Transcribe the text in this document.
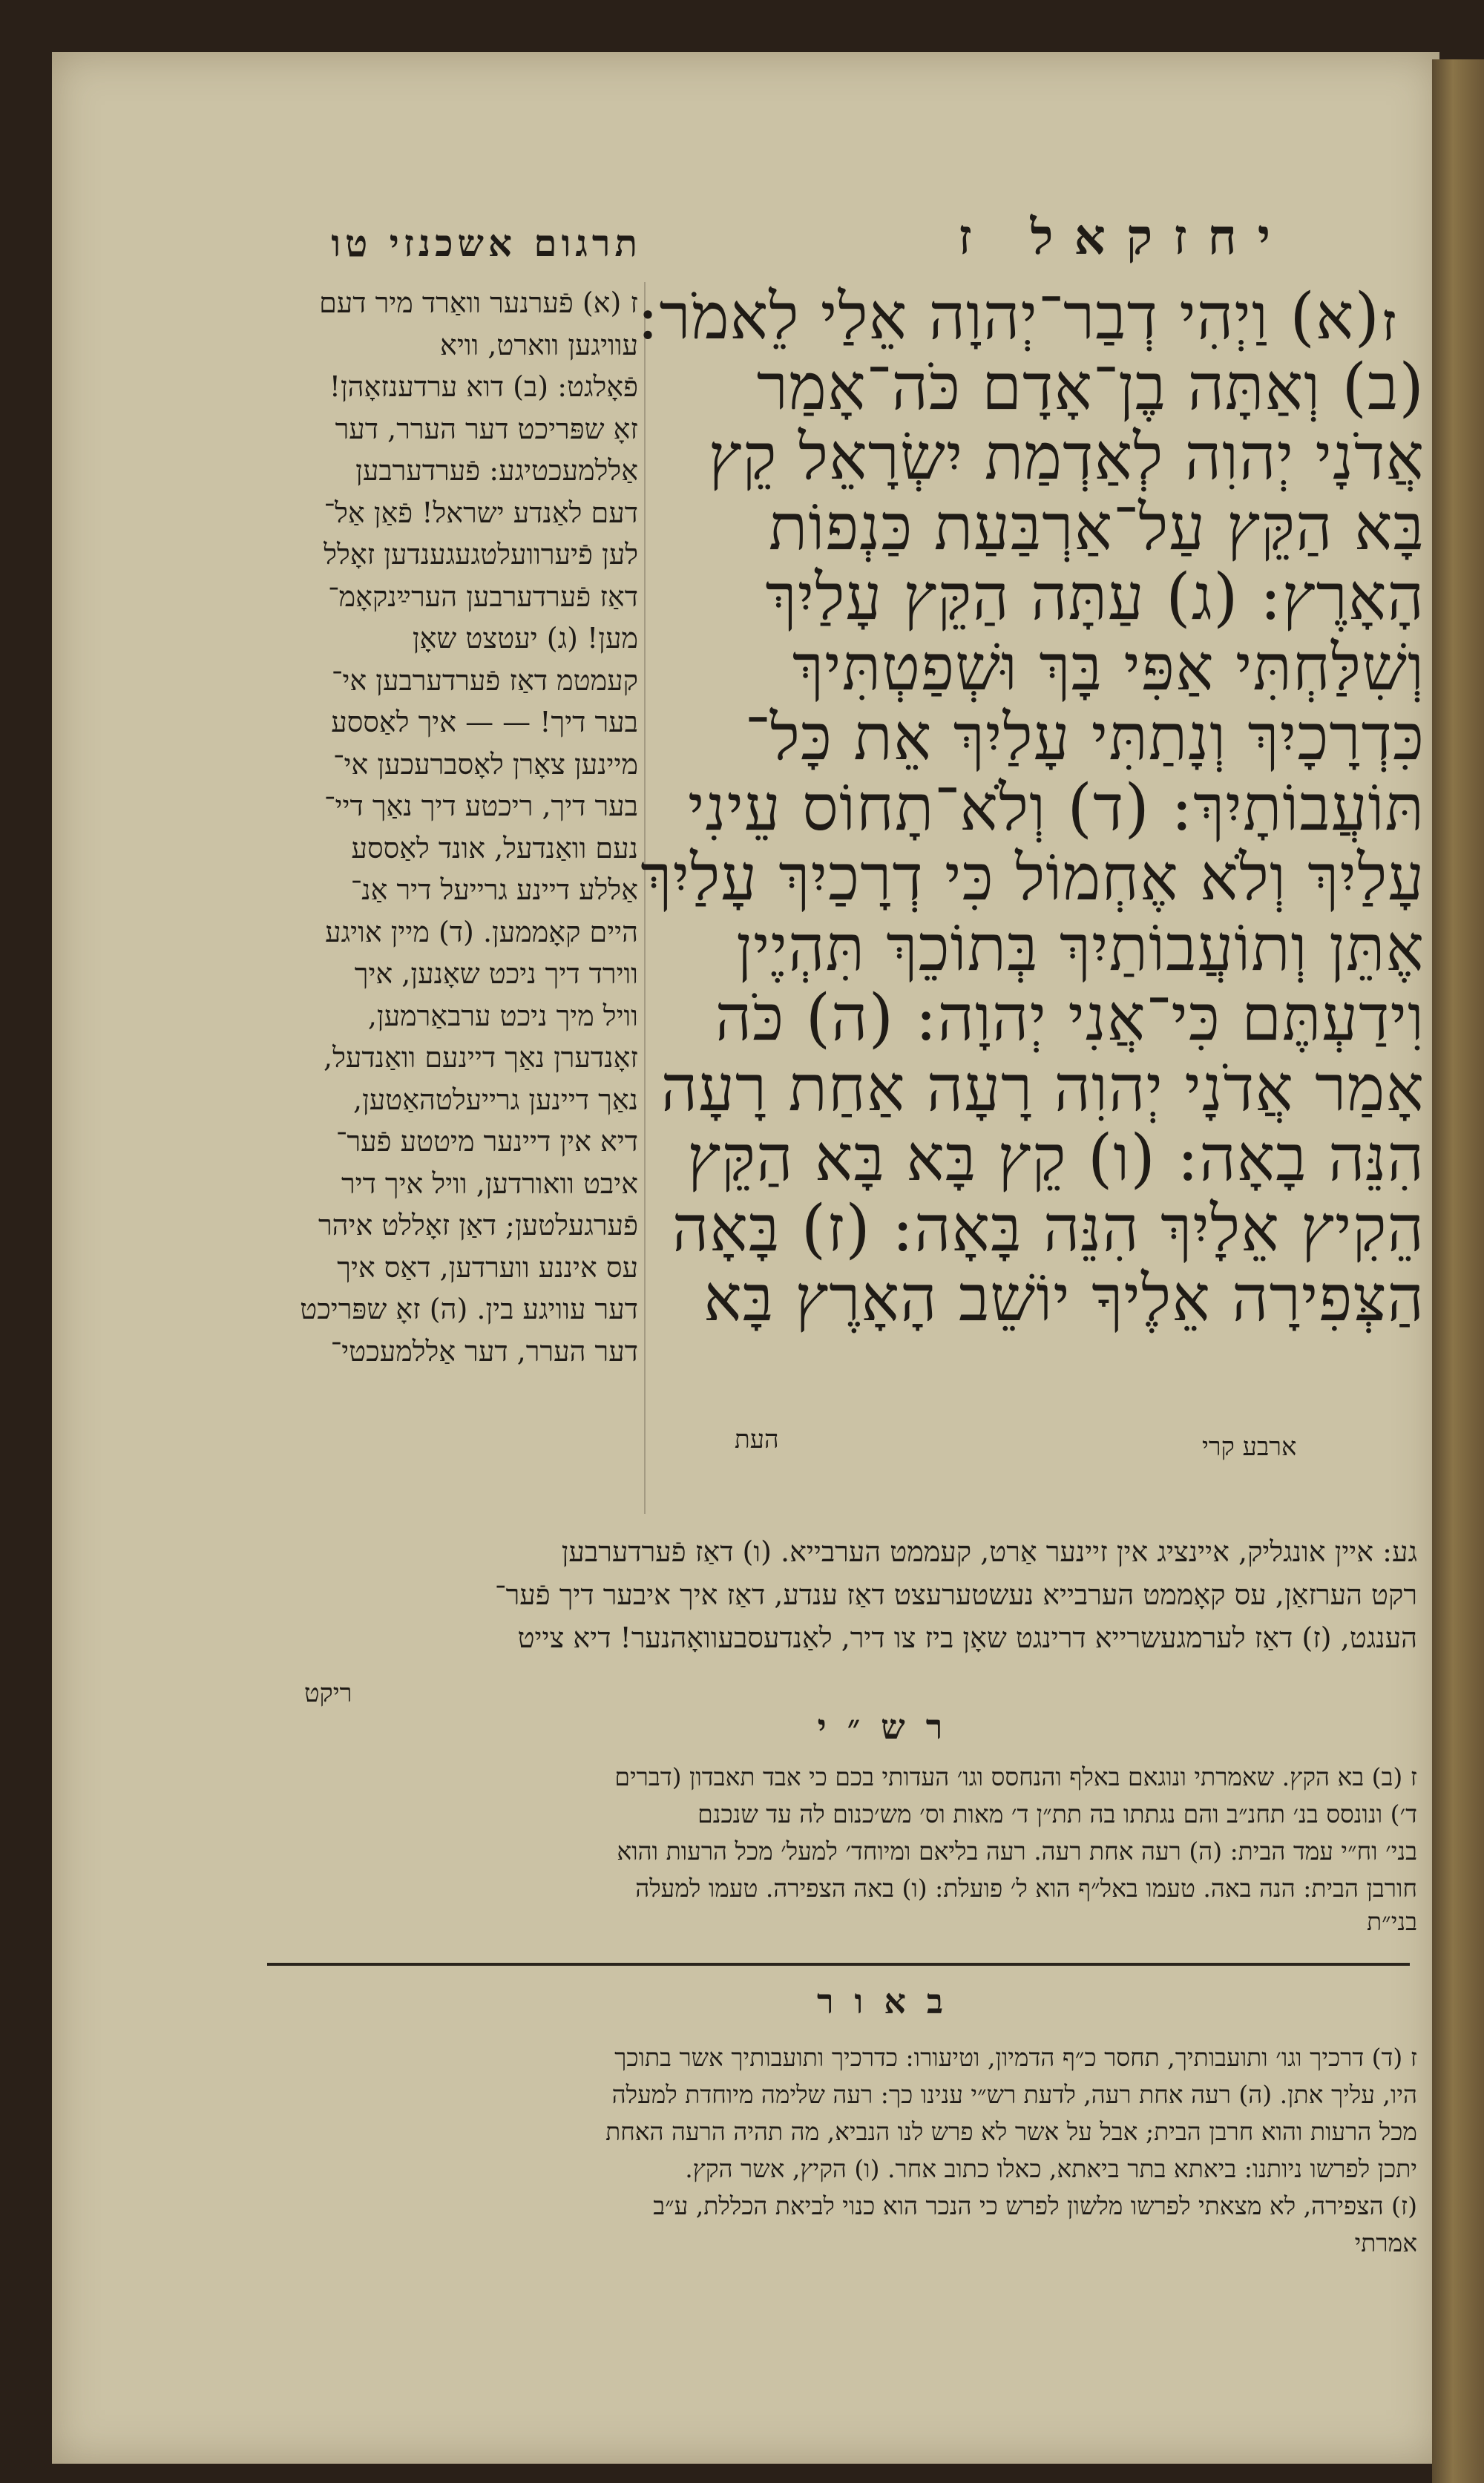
יחזקאל ז
תרגום אשכנזי טו
ז

(א) וַיְהִי דְבַר־יְהוָה אֵלַי לֵאמֹר:

(ב) וְאַתָּה בֶן־אָדָם כֹּה־אָמַר

אֲדֹנָי יְהוִה לְאַדְמַת יִשְׂרָאֵל קֵץ

בָּא הַקֵּץ עַל־אַרְבַּעַת כַּנְפוֹת

הָאָרֶץ: (ג) עַתָּה הַקֵּץ עָלַיִךְ

וְשִׁלַּחְתִּי אַפִּי בָּךְ וּשְׁפַטְתִּיךְ

כִּדְרָכָיִךְ וְנָתַתִּי עָלַיִךְ אֵת כָּל־

תּוֹעֲבוֹתָיִךְ: (ד) וְלֹא־תָחוֹס עֵינִי

עָלַיִךְ וְלֹא אֶחְמוֹל כִּי דְרָכַיִךְ עָלַיִךְ

אֶתֵּן וְתוֹעֲבוֹתַיִךְ בְּתוֹכֵךְ תִּהְיֶין

וִידַעְתֶּם כִּי־אֲנִי יְהוָה: (ה) כֹּה

אָמַר אֲדֹנָי יְהוִה רָעָה אַחַת רָעָה

הִנֵּה בָאָה: (ו) קֵץ בָּא בָּא הַקֵּץ

הֵקִיץ אֵלָיִךְ הִנֵּה בָּאָה: (ז) בָּאָה

הַצְּפִירָה אֵלֶיךָ יוֹשֵׁב הָאָרֶץ בָּא

העת	ארבע קרי

ז (א) פֿערנער וואַרד מיר דעם

עוויגען ווארט, וויא

פֿאָלגט: (ב) דוא ערדענזאָהן!

זאָ שפּריכט דער הערר, דער

אַללמעכטיגע: פֿערדערבען

דעם לאַנדע ישראל! פֿאַן אַל־

לען פֿיערוועלטגעגענדען זאָלל

דאַז פֿערדערבען הערײַנקאָמ־

מען! (ג) יעטצט שאָן

קעמטמ דאַז פֿערדערבען אי־

בער דיך! — — איך לאַססע

מיינען צאָרן לאָסברעכען אי־

בער דיך, ריכטע דיך נאַך דיי־

נעם וואַנדעל, אונד לאַססע

אַללע דיינע גרייעל דיר אַנ־

היים קאָממען. (ד) מיין אויגע

ווירד דיך ניכט שאָנען, איך

וויל מיך ניכט ערבאַרמען,

זאָנדערן נאַך דיינעם וואַנדעל,

נאַך דיינען גרייעלטהאַטען,

דיא אין דיינער מיטטע פֿער־

איבט וואורדען, וויל איך דיר

פֿערגעלטען; דאַן זאָללט איהר

עס איננע ווערדען, דאַס איך

דער עוויגע בין. (ה) זאָ שפּריכט

דער הערר, דער אַללמעכטי־

גע: איין אונגליק, איינציג אין זיינער אַרט, קעממט הערבייא. (ו) דאַז פֿערדערבען

רקט הערזאַן, עס קאָממט הערבייא נעשטערעצט דאַז ענדע, דאַז איך איבער דיך פֿער־

הענגט, (ז) דאַז לערמגעשרייא דרינגט שאָן ביז צו דיר, לאַנדעסבעוואָהנער! דיא צייט

ריקט
רש״י

ז (ב) בא הקץ. שאמרתי ונוגאם באלף והנחסס וגו׳ העדותי בכם כי אבד תאבדון (דברים

ד׳) ונונסס בנ׳ תחנ״ב והם נגתתו בה תת״ן ד׳ מאות וס׳ מש׳כנום לה עד שנכנם

בני׳ וח״י עמד הבית: (ה) רעה אחת רעה. רעה בליאם ומיוחד׳ למעל׳ מכל הרעות והוא

חורבן הבית: הנה באה. טעמו באל״ף הוא ל׳ פועלת: (ו) באה הצפירה. טעמו למעלה

בני״ת

באור

ז (ד) דרכיך וגו׳ ותועבותיך, תחסר כ״ף הדמיון, וטיעורו: כדרכיך ותועבותיך אשר בתוכך

היו, עליך אתן. (ה) רעה אחת רעה, לדעת רש״י ענינו כך: רעה שלימה מיוחדת למעלה

מכל הרעות והוא חרבן הבית; אבל על אשר לא פרש לנו הנביא, מה תהיה הרעה האחת

יתכן לפרשו ניותנו: ביאתא בתר ביאתא, כאלו כתוב אחר. (ו) הקיץ, אשר הקץ.

(ז) הצפירה, לא מצאתי לפרשו מלשון לפרש כי הנכר הוא כנוי לביאת הכללת, ע״ב

אמרתי
